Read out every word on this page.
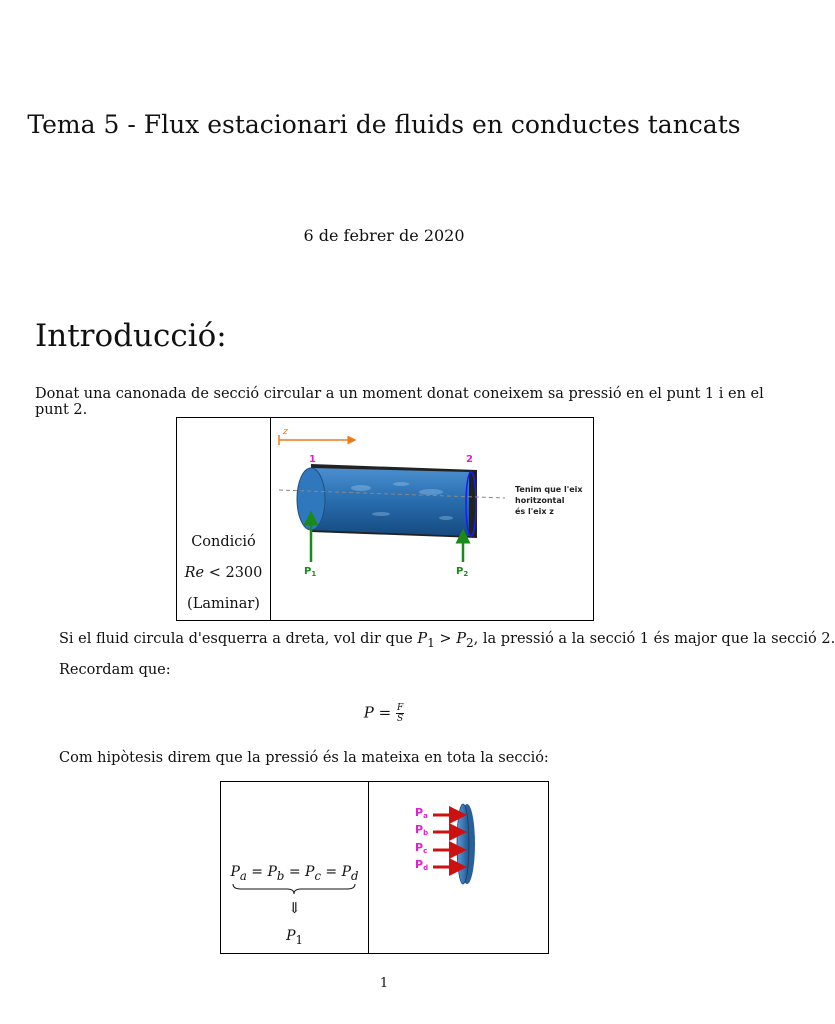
Tema 5 - Flux estacionari de fluids en conductes tancats
6 de febrer de 2020
Introducció:
Donat una canonada de secció circular a un moment donat coneixem sa pressió en el punt 1 i en el punt 2.
Condició
Re < 2300
(Laminar)
z
1	2
$P_1$	$P_2$
Tenim que l'eix horitzontal és l'eix z
Si el fluid circula d'esquerra a dreta, vol dir que $P_1 > P_2$, la pressió a la secció 1 és major que la secció 2.
Recordam que:
$P = \frac{F}{S}$
Com hipòtesis direm que la pressió és la mateixa en tota la secció:
$P_a = P_b = P_c = P_d$
⇓
$P_1$
Pa
Pb
Pc
Pd
1
